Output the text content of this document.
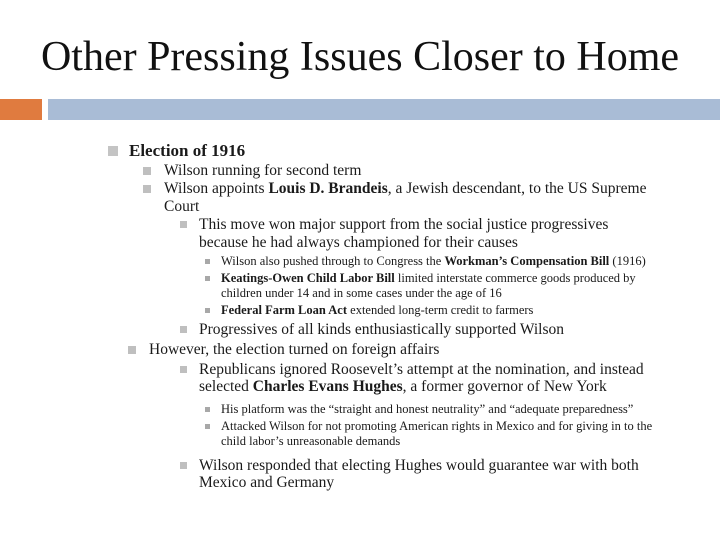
Other Pressing Issues Closer to Home
Election of 1916
Wilson running for second term
Wilson appoints Louis D. Brandeis, a Jewish descendant, to the US Supreme Court
This move won major support from the social justice progressives because he had always championed for their causes
Wilson also pushed through to Congress the Workman’s Compensation Bill (1916)
Keatings-Owen Child Labor Bill limited interstate commerce goods produced by children under 14 and in some cases under the age of 16
Federal Farm Loan Act extended long-term credit to farmers
Progressives of all kinds enthusiastically supported Wilson
However, the election turned on foreign affairs
Republicans ignored Roosevelt’s attempt at the nomination, and instead selected Charles Evans Hughes, a former governor of New York
His platform was the “straight and honest neutrality” and “adequate preparedness”
Attacked Wilson for not promoting American rights in Mexico and for giving in to the child labor’s unreasonable demands
Wilson responded that electing Hughes would guarantee war with both Mexico and Germany
